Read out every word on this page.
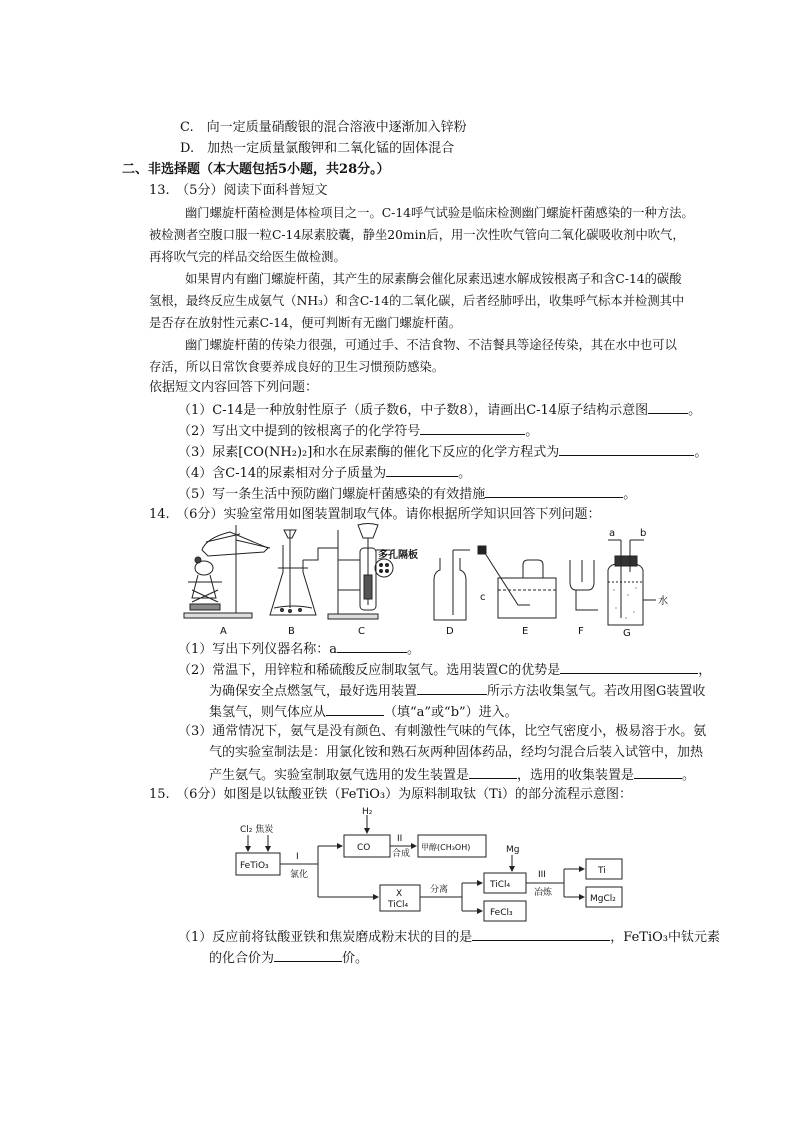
C.　向一定质量硝酸银的混合溶液中逐渐加入锌粉
D.　加热一定质量氯酸钾和二氧化锰的固体混合
二、非选择题（本大题包括5小题，共28分。）
13.　（5分）阅读下面科普短文
幽门螺旋杆菌检测是体检项目之一。C-14呼气试验是临床检测幽门螺旋杆菌感染的一种方法。
被检测者空腹口服一粒C-14尿素胶囊，静坐20min后，用一次性吹气管向二氧化碳吸收剂中吹气，
再将吹气完的样品交给医生做检测。
如果胃内有幽门螺旋杆菌，其产生的尿素酶会催化尿素迅速水解成铵根离子和含C-14的碳酸
氢根，最终反应生成氨气（NH₃）和含C-14的二氧化碳，后者经肺呼出，收集呼气标本并检测其中
是否存在放射性元素C-14，便可判断有无幽门螺旋杆菌。
幽门螺旋杆菌的传染力很强，可通过手、不洁食物、不洁餐具等途径传染，其在水中也可以
存活，所以日常饮食要养成良好的卫生习惯预防感染。
依据短文内容回答下列问题：
（1）C-14是一种放射性原子（质子数6，中子数8），请画出C-14原子结构示意图	。
（2）写出文中提到的铵根离子的化学符号	。
（3）尿素[CO(NH₂)₂]和水在尿素酶的催化下反应的化学方程式为	。
（4）含C-14的尿素相对分子质量为	。
（5）写一条生活中预防幽门螺旋杆菌感染的有效措施	。
14.　（6分）实验室常用如图装置制取气体。请你根据所学知识回答下列问题：
A	B	C	D	E	F	G
多孔隔板
a b
c	水
（1）写出下列仪器名称：a	。
（2）常温下，用锌粒和稀硫酸反应制取氢气。选用装置C的优势是	，
为确保安全点燃氢气，最好选用装置	所示方法收集氢气。若改用图G装置收
集氢气，则气体应从	（填“a”或“b”）进入。
（3）通常情况下，氨气是没有颜色、有刺激性气味的气体，比空气密度小，极易溶于水。氨
气的实验室制法是：用氯化铵和熟石灰两种固体药品，经均匀混合后装入试管中，加热
产生氨气。实验室制取氨气选用的发生装置是	，选用的收集装置是	。
15.　（6分）如图是以钛酸亚铁（FeTiO₃）为原料制取钛（Ti）的部分流程示意图：
Cl₂ 焦炭
FeTiO₃
I
氯化
H₂
CO
II
合成
甲醇(CH₃OH)
X
TiCl₄
分离	TiCl₄
FeCl₃
Mg
III
冶炼
Ti
MgCl₂
（1）反应前将钛酸亚铁和焦炭磨成粉末状的目的是	，FeTiO₃中钛元素
的化合价为	价。
